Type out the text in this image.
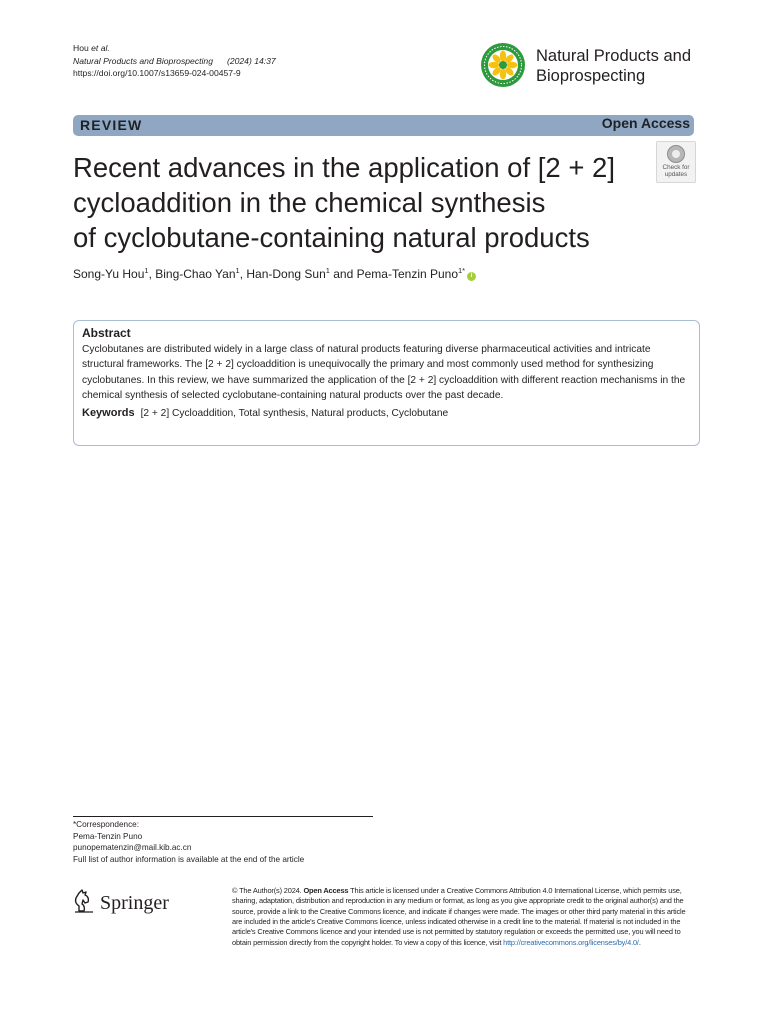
Hou et al.
Natural Products and Bioprospecting (2024) 14:37
https://doi.org/10.1007/s13659-024-00457-9
Natural Products and
Bioprospecting
REVIEW	Open Access
Recent advances in the application of [2 + 2]
cycloaddition in the chemical synthesis
of cyclobutane-containing natural products
Check for
updates
Song-Yu Hou$^1$, Bing-Chao Yan$^1$, Han-Dong Sun$^1$ and Pema-Tenzin Puno$^{1*}$i
Abstract

Cyclobutanes are distributed widely in a large class of natural products featuring diverse pharmaceutical activities and intricate structural frameworks. The [2 + 2] cycloaddition is unequivocally the primary and most commonly used method for synthesizing cyclobutanes. In this review, we have summarized the application of the [2 + 2] cycloaddition with different reaction mechanisms in the chemical synthesis of selected cyclobutane-containing natural products over the past decade.

Keywords [2 + 2] Cycloaddition, Total synthesis, Natural products, Cyclobutane

*Correspondence:
Pema-Tenzin Puno
punopematenzin@mail.kib.ac.cn
Full list of author information is available at the end of the article
Springer
© The Author(s) 2024. Open Access This article is licensed under a Creative Commons Attribution 4.0 International License, which permits use, sharing, adaptation, distribution and reproduction in any medium or format, as long as you give appropriate credit to the original author(s) and the source, provide a link to the Creative Commons licence, and indicate if changes were made. The images or other third party material in this article are included in the article's Creative Commons licence, unless indicated otherwise in a credit line to the material. If material is not included in the article's Creative Commons licence and your intended use is not permitted by statutory regulation or exceeds the permitted use, you will need to obtain permission directly from the copyright holder. To view a copy of this licence, visit http://creativecommons.org/licenses/by/4.0/.
